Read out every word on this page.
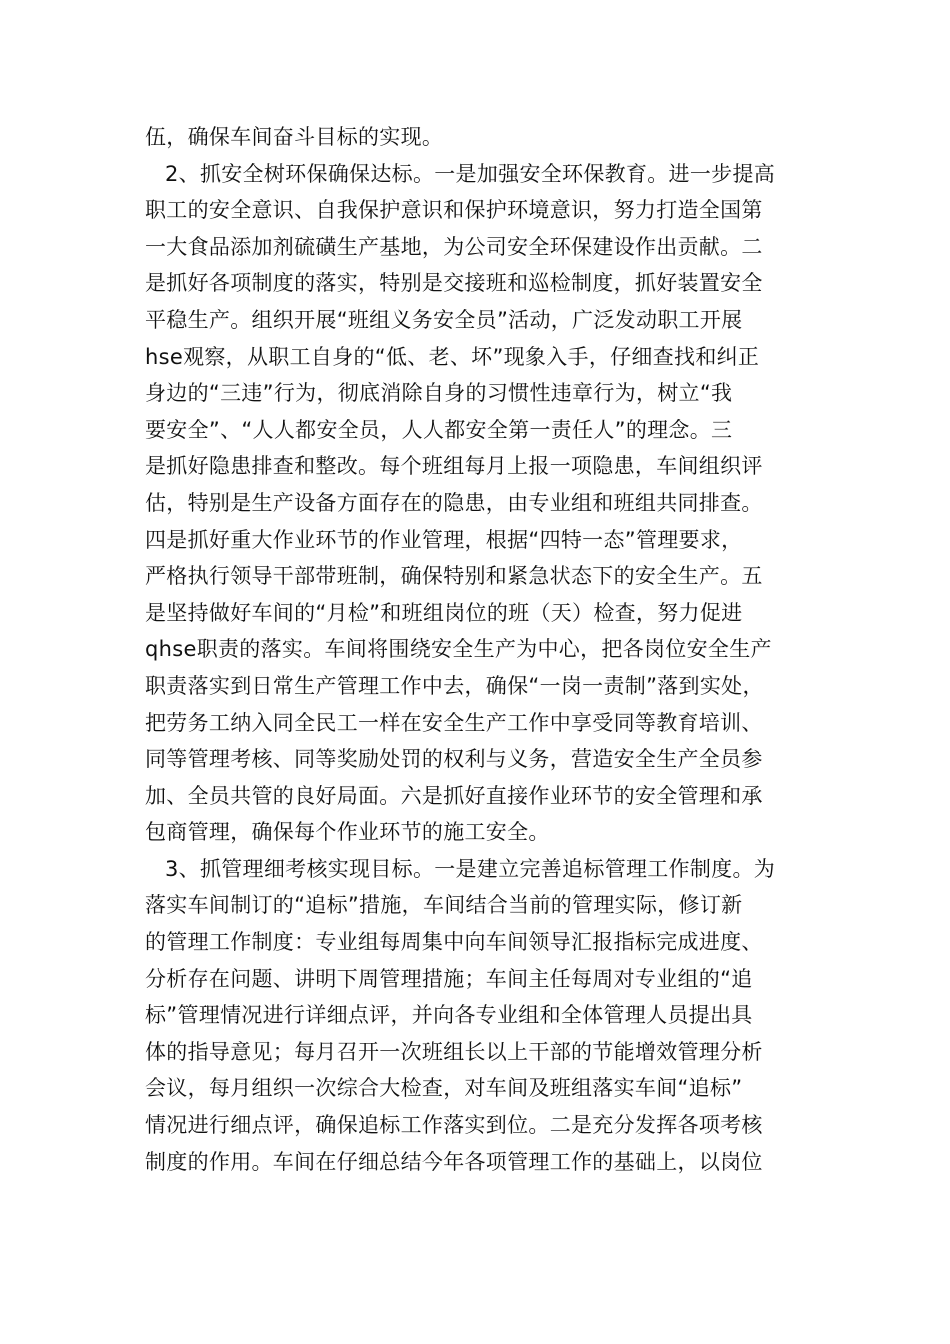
伍，确保车间奋斗目标的实现。
2、抓安全树环保确保达标。一是加强安全环保教育。进一步提高
职工的安全意识、自我保护意识和保护环境意识，努力打造全国第
一大食品添加剂硫磺生产基地，为公司安全环保建设作出贡献。二
是抓好各项制度的落实，特别是交接班和巡检制度，抓好装置安全
平稳生产。组织开展“班组义务安全员”活动，广泛发动职工开展
hse观察，从职工自身的“低、老、坏”现象入手，仔细查找和纠正
身边的“三违”行为，彻底消除自身的习惯性违章行为，树立“我
要安全”、“人人都安全员，人人都安全第一责任人”的理念。三
是抓好隐患排查和整改。每个班组每月上报一项隐患，车间组织评
估，特别是生产设备方面存在的隐患，由专业组和班组共同排查。
四是抓好重大作业环节的作业管理，根据“四特一态”管理要求，
严格执行领导干部带班制，确保特别和紧急状态下的安全生产。五
是坚持做好车间的“月检”和班组岗位的班（天）检查，努力促进
qhse职责的落实。车间将围绕安全生产为中心，把各岗位安全生产
职责落实到日常生产管理工作中去，确保“一岗一责制”落到实处，
把劳务工纳入同全民工一样在安全生产工作中享受同等教育培训、
同等管理考核、同等奖励处罚的权利与义务，营造安全生产全员参
加、全员共管的良好局面。六是抓好直接作业环节的安全管理和承
包商管理，确保每个作业环节的施工安全。
3、抓管理细考核实现目标。一是建立完善追标管理工作制度。为
落实车间制订的“追标”措施，车间结合当前的管理实际，修订新
的管理工作制度：专业组每周集中向车间领导汇报指标完成进度、
分析存在问题、讲明下周管理措施；车间主任每周对专业组的“追
标”管理情况进行详细点评，并向各专业组和全体管理人员提出具
体的指导意见；每月召开一次班组长以上干部的节能增效管理分析
会议，每月组织一次综合大检查，对车间及班组落实车间“追标”
情况进行细点评，确保追标工作落实到位。二是充分发挥各项考核
制度的作用。车间在仔细总结今年各项管理工作的基础上，以岗位
